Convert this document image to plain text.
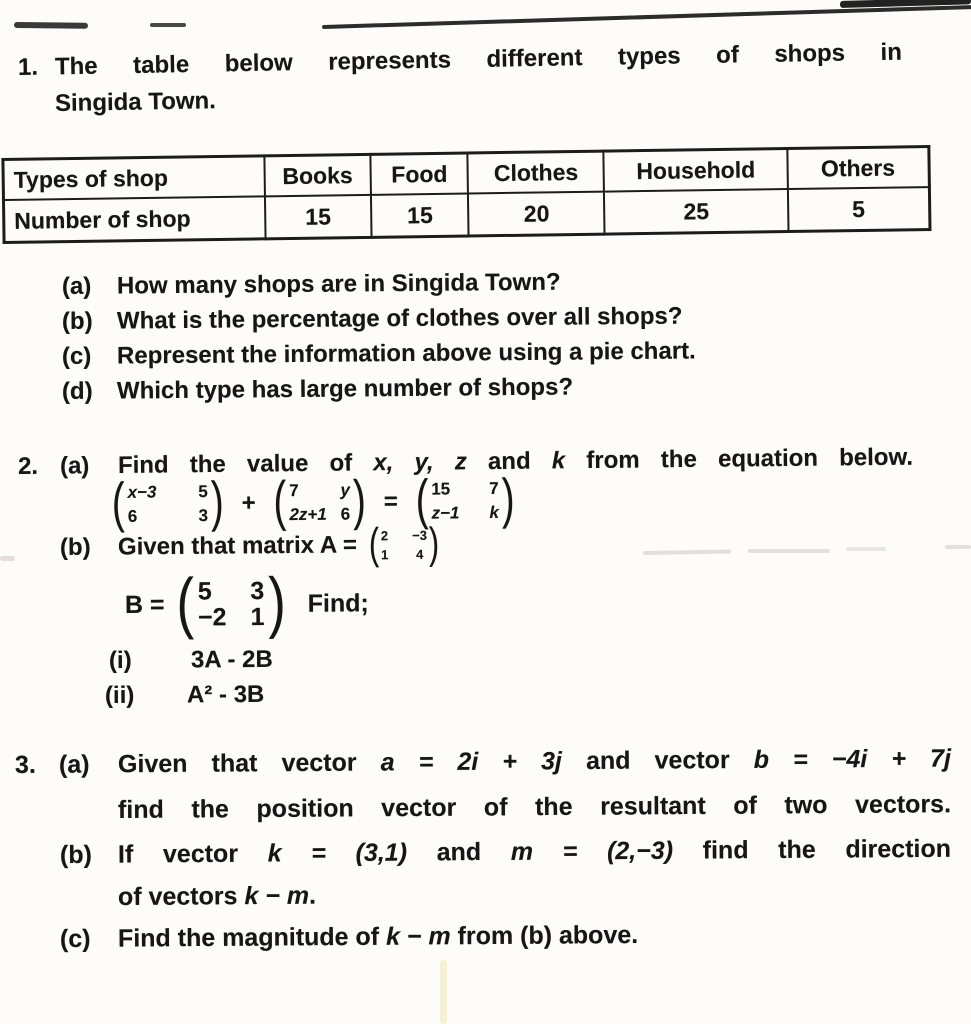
1. The table below represents different types of shops in
Singida Town.
Types of shop	Books	Food	Clothes	Household	Others
Number of shop	15	15	20	25	5
(a) How many shops are in Singida Town?
(b) What is the percentage of clothes over all shops?
(c) Represent the information above using a pie chart.
(d) Which type has large number of shops?
2. (a) Find the value of x, y, z and k from the equation below.
( x−3 5
6	3 ) + ( 7	y
2z+1 6 ) = ( 15	7
z−1 k )
(b)	Given that matrix A = ( 2 −3
1 4 )
B = ( 5	3
−2 1 ) Find;
(i) 3A - 2B
(ii) A² - 3B
3. (a) Given that vector a = 2i + 3j and vector b = −4i + 7j
find the position vector of the resultant of two vectors.
(b) If vector k = (3,1) and m = (2,−3) find the direction
of vectors k − m.
(c) Find the magnitude of k − m from (b) above.
